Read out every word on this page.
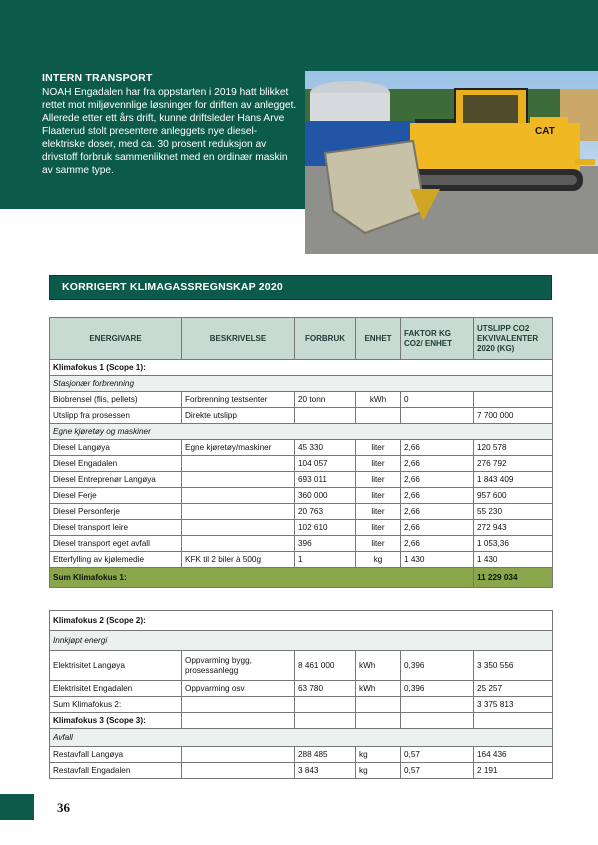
INTERN TRANSPORT

NOAH Engadalen har fra oppstarten i 2019 hatt blikket rettet mot miljøvennlige løsninger for driften av anlegget. Allerede etter ett års drift, kunne driftsleder Hans Arve Flaaterud stolt presentere anleggets nye diesel-elektriske doser, med ca. 30 prosent reduksjon av drivstoff forbruk sammenliknet med en ordinær maskin av samme type.

CAT
KORRIGERT KLIMAGASSREGNSKAP 2020
ENERGIVARE	BESKRIVELSE	FORBRUK	ENHET	FAKTOR KG CO2/ ENHET	UTSLIPP CO2 EKVIVALENTER 2020 (KG)
Klimafokus 1 (Scope 1):					
Stasjonær forbrenning					
Biobrensel (flis, pellets)	Forbrenning testsenter	20 tonn	kWh	0	
Utslipp fra prosessen	Direkte utslipp				7 700 000
Egne kjøretøy og maskiner					
Diesel Langøya	Egne kjøretøy/maskiner	45 330	liter	2,66	120 578
Diesel Engadalen		104 057	liter	2,66	276 792
Diesel Entreprenør Langøya		693 011	liter	2,66	1 843 409
Diesel Ferje		360 000	liter	2,66	957 600
Diesel Personferje		20 763	liter	2,66	55 230
Diesel transport leire		102 610	liter	2,66	272 943
Diesel transport eget avfall		396	liter	2,66	1 053,36
Etterfylling av kjølemedie	KFK til 2 biler à 500g	1	kg	1 430	1 430
Sum Klimafokus 1:					11 229 034
Klimafokus 2 (Scope 2):					
Innkjøpt energi					
Elektrisitet Langøya	Oppvarming bygg, prosessanlegg	8 461 000	kWh	0,396	3 350 556
Elektrisitet Engadalen	Oppvarming osv	63 780	kWh	0,396	25 257
Sum Klimafokus 2:					3 375 813
Klimafokus 3 (Scope 3):					
Avfall					
Restavfall Langøya		288 485	kg	0,57	164 436
Restavfall Engadalen		3 843	kg	0,57	2 191
36
